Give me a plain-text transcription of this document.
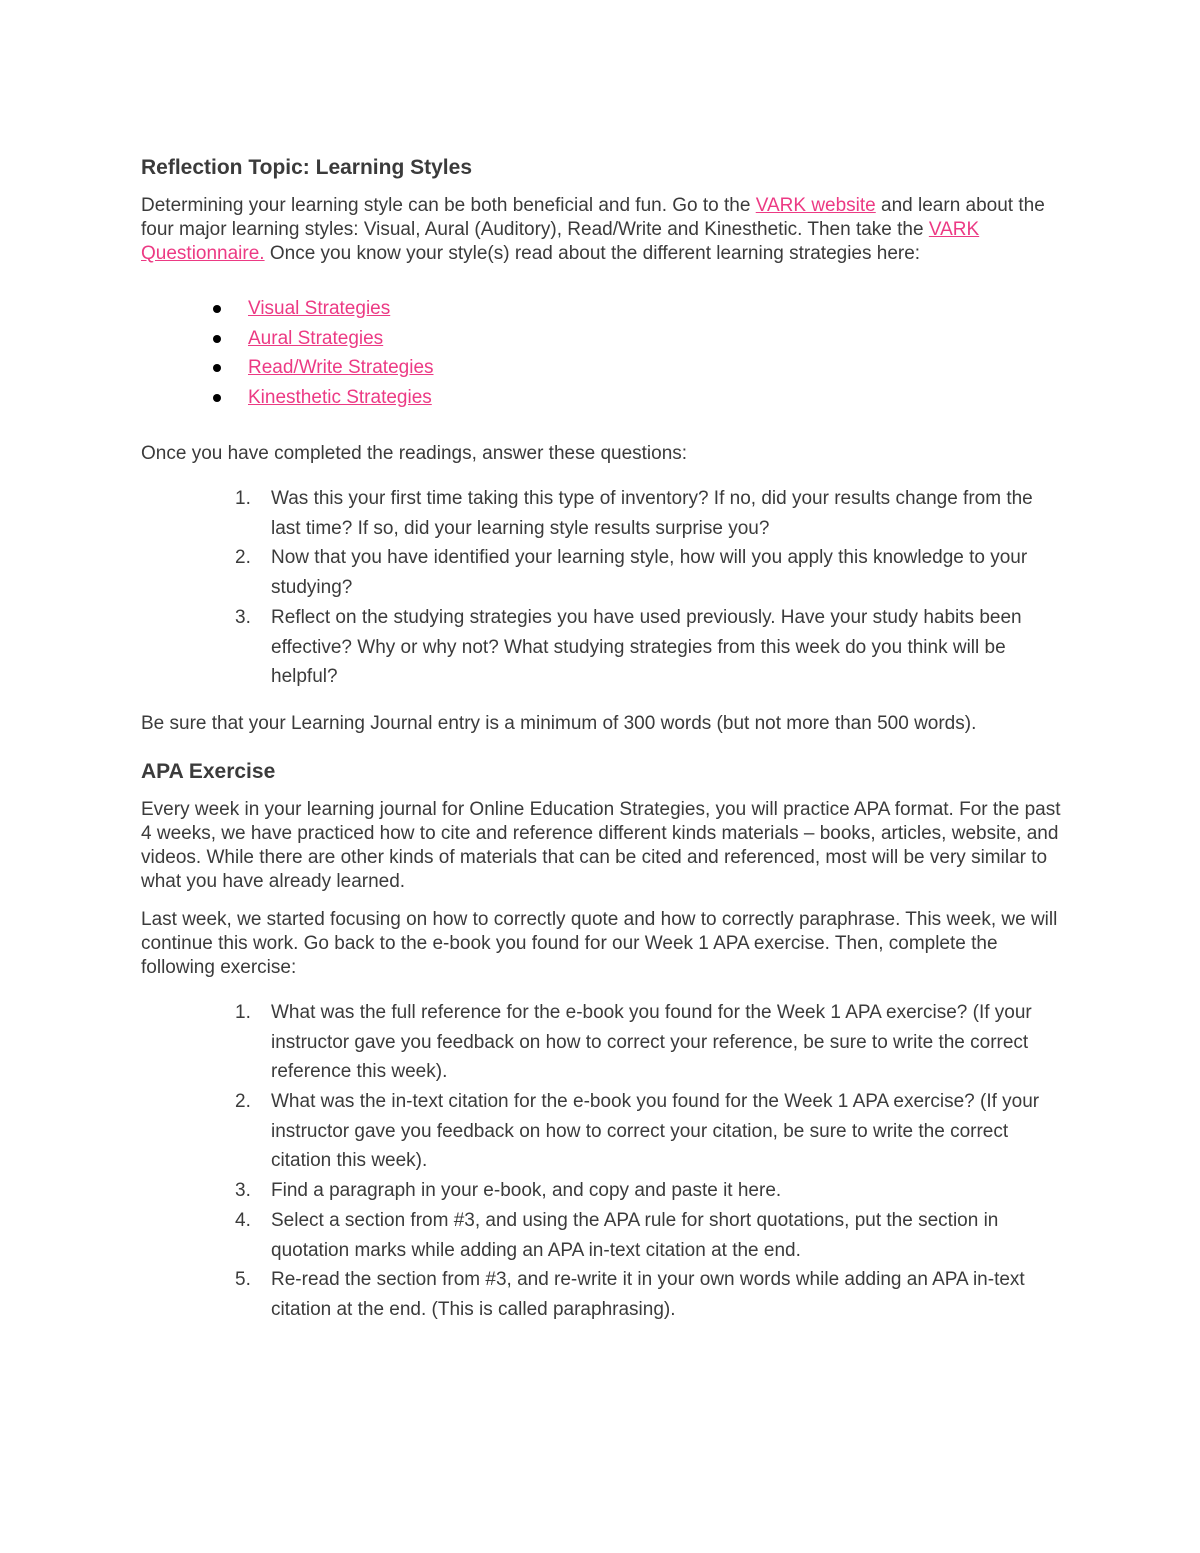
Reflection Topic: Learning Styles

Determining your learning style can be both beneficial and fun. Go to the VARK website and learn about the four major learning styles: Visual, Aural (Auditory), Read/Write and Kinesthetic. Then take the VARK Questionnaire. Once you know your style(s) read about the different learning strategies here:

Visual Strategies
Aural Strategies
Read/Write Strategies
Kinesthetic Strategies

Once you have completed the readings, answer these questions:

1. Was this your first time taking this type of inventory? If no, did your results change from the last time? If so, did your learning style results surprise you?
2. Now that you have identified your learning style, how will you apply this knowledge to your studying?
3. Reflect on the studying strategies you have used previously. Have your study habits been effective? Why or why not? What studying strategies from this week do you think will be helpful?

Be sure that your Learning Journal entry is a minimum of 300 words (but not more than 500 words).

APA Exercise

Every week in your learning journal for Online Education Strategies, you will practice APA format. For the past 4 weeks, we have practiced how to cite and reference different kinds materials – books, articles, website, and videos. While there are other kinds of materials that can be cited and referenced, most will be very similar to what you have already learned.

Last week, we started focusing on how to correctly quote and how to correctly paraphrase. This week, we will continue this work. Go back to the e-book you found for our Week 1 APA exercise. Then, complete the following exercise:

1. What was the full reference for the e-book you found for the Week 1 APA exercise? (If your instructor gave you feedback on how to correct your reference, be sure to write the correct reference this week).
2. What was the in-text citation for the e-book you found for the Week 1 APA exercise? (If your instructor gave you feedback on how to correct your citation, be sure to write the correct citation this week).
3. Find a paragraph in your e-book, and copy and paste it here.
4. Select a section from #3, and using the APA rule for short quotations, put the section in quotation marks while adding an APA in-text citation at the end.
5. Re-read the section from #3, and re-write it in your own words while adding an APA in-text citation at the end. (This is called paraphrasing).
